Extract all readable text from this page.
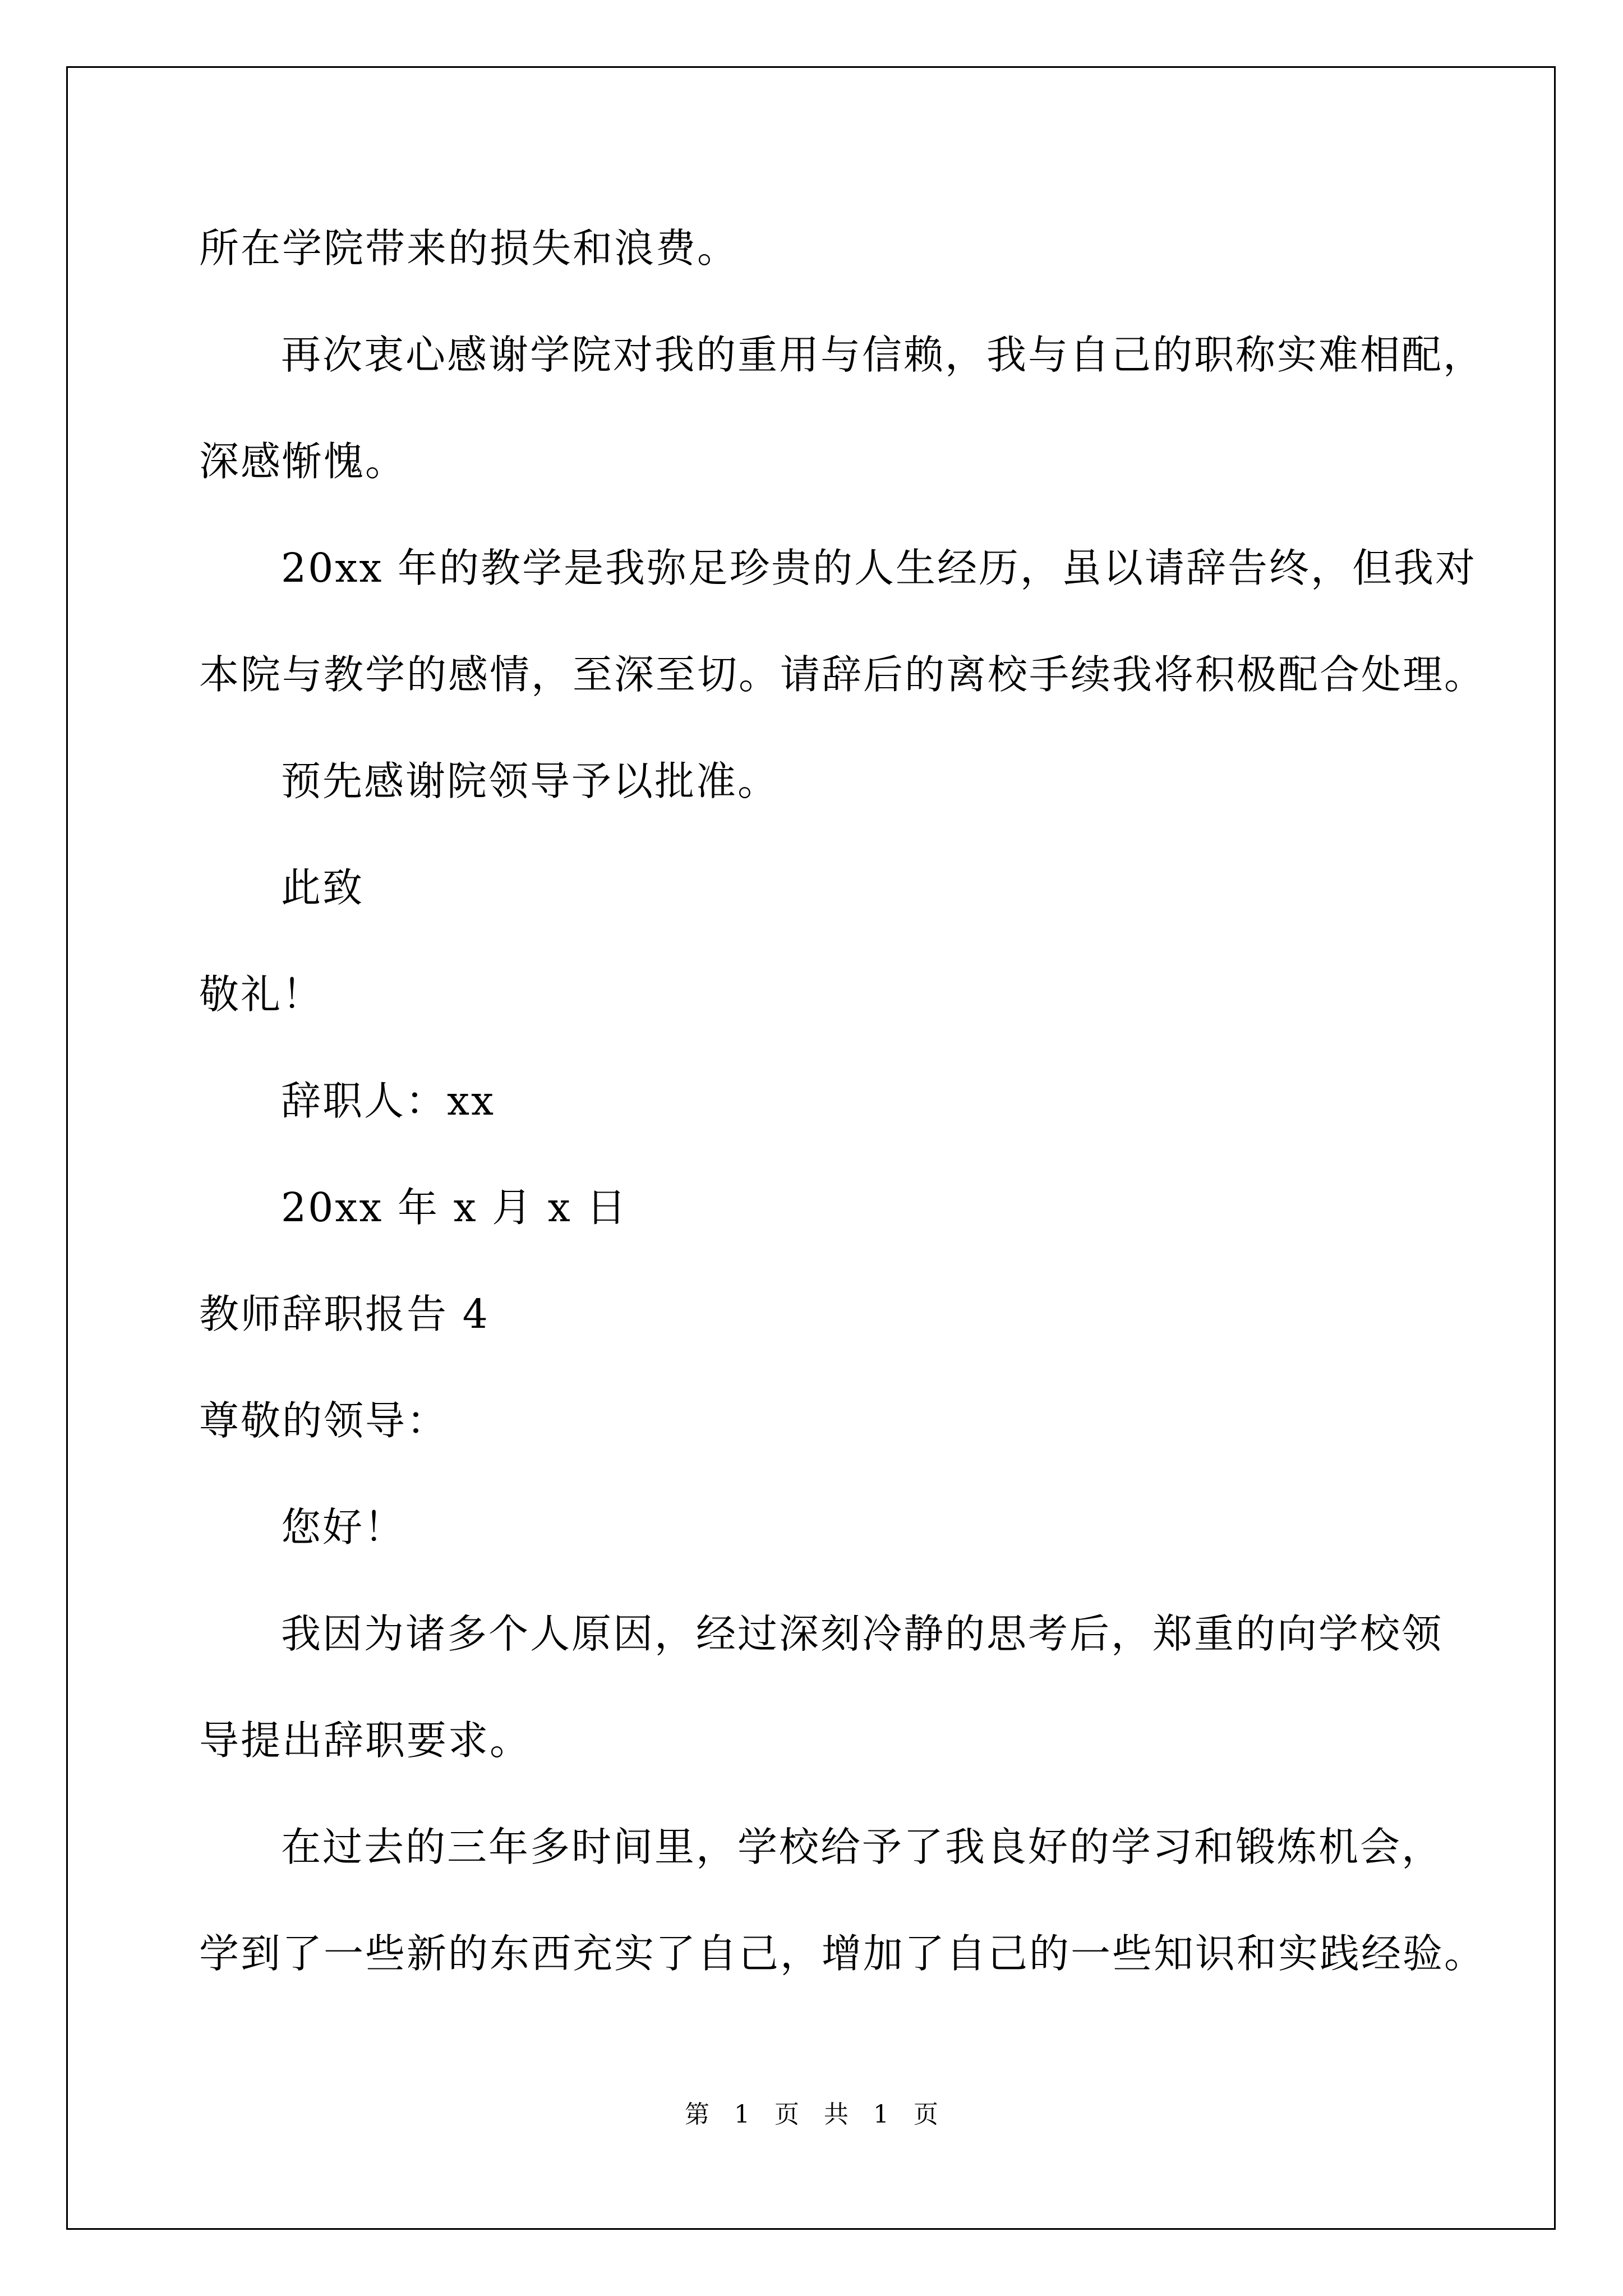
所在学院带来的损失和浪费。
再次衷心感谢学院对我的重用与信赖，我与自己的职称实难相配，
深感惭愧。
20xx 年的教学是我弥足珍贵的人生经历，虽以请辞告终，但我对
本院与教学的感情，至深至切。请辞后的离校手续我将积极配合处理。
预先感谢院领导予以批准。
此致
敬礼！
辞职人：xx
20xx 年 x 月 x 日
教师辞职报告 4
尊敬的领导：
您好！
我因为诸多个人原因，经过深刻冷静的思考后，郑重的向学校领
导提出辞职要求。
在过去的三年多时间里，学校给予了我良好的学习和锻炼机会，
学到了一些新的东西充实了自己，增加了自己的一些知识和实践经验。
第 1 页 共 1 页
